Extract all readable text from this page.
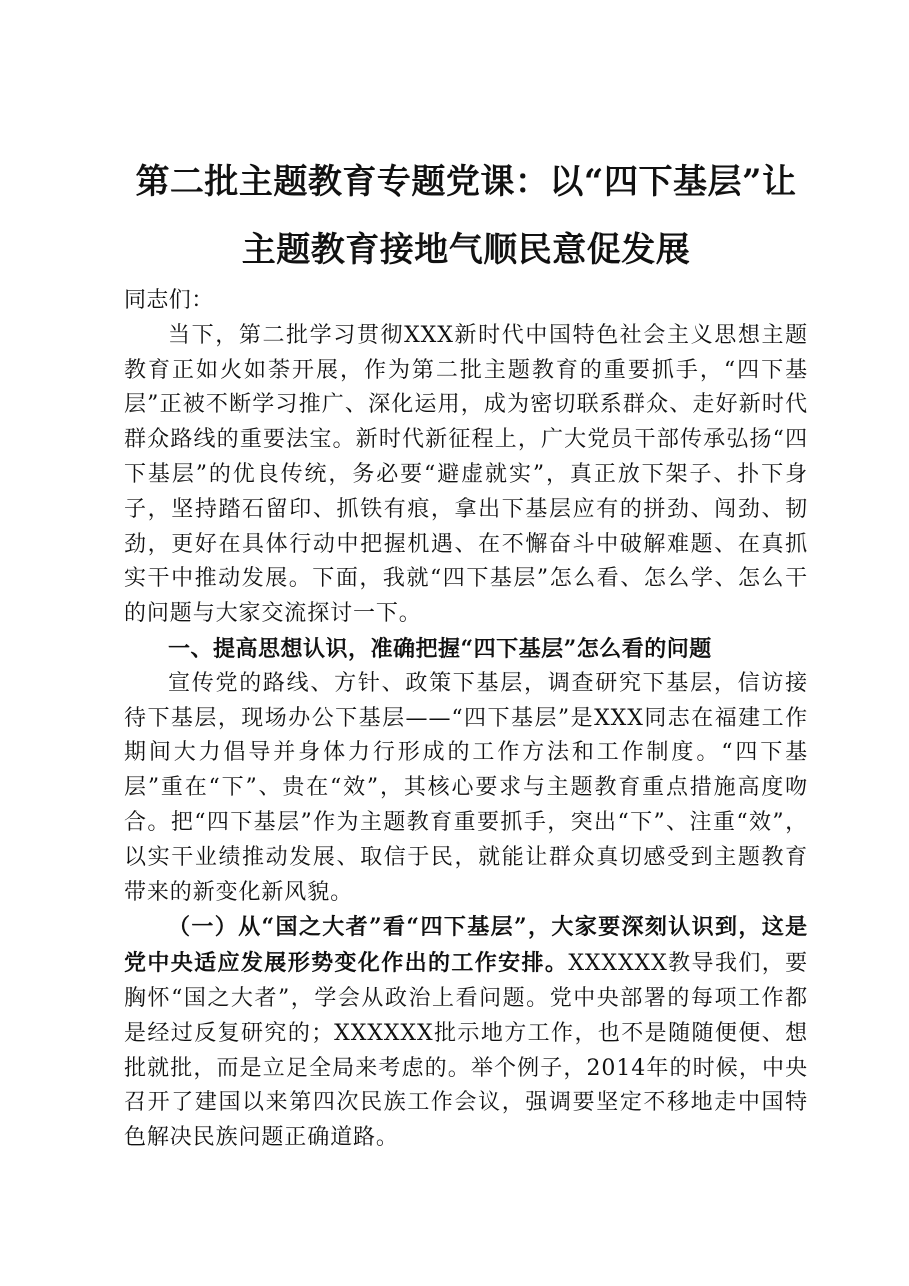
第二批主题教育专题党课：以“四下基层”让
主题教育接地气顺民意促发展

同志们：

当下，第二批学习贯彻XXX新时代中国特色社会主义思想主题教育正如火如荼开展，作为第二批主题教育的重要抓手，“四下基层”正被不断学习推广、深化运用，成为密切联系群众、走好新时代群众路线的重要法宝。新时代新征程上，广大党员干部传承弘扬“四下基层”的优良传统，务必要“避虚就实”，真正放下架子、扑下身子，坚持踏石留印、抓铁有痕，拿出下基层应有的拼劲、闯劲、韧劲，更好在具体行动中把握机遇、在不懈奋斗中破解难题、在真抓实干中推动发展。下面，我就“四下基层”怎么看、怎么学、怎么干的问题与大家交流探讨一下。

一、提高思想认识，准确把握“四下基层”怎么看的问题

宣传党的路线、方针、政策下基层，调查研究下基层，信访接待下基层，现场办公下基层——“四下基层”是XXX同志在福建工作期间大力倡导并身体力行形成的工作方法和工作制度。“四下基层”重在“下”、贵在“效”，其核心要求与主题教育重点措施高度吻合。把“四下基层”作为主题教育重要抓手，突出“下”、注重“效”，以实干业绩推动发展、取信于民，就能让群众真切感受到主题教育带来的新变化新风貌。

（一）从“国之大者”看“四下基层”，大家要深刻认识到，这是党中央适应发展形势变化作出的工作安排。XXXXXX教导我们，要胸怀“国之大者”，学会从政治上看问题。党中央部署的每项工作都是经过反复研究的；XXXXXX批示地方工作，也不是随随便便、想批就批，而是立足全局来考虑的。举个例子，2014年的时候，中央召开了建国以来第四次民族工作会议，强调要坚定不移地走中国特色解决民族问题正确道路。
